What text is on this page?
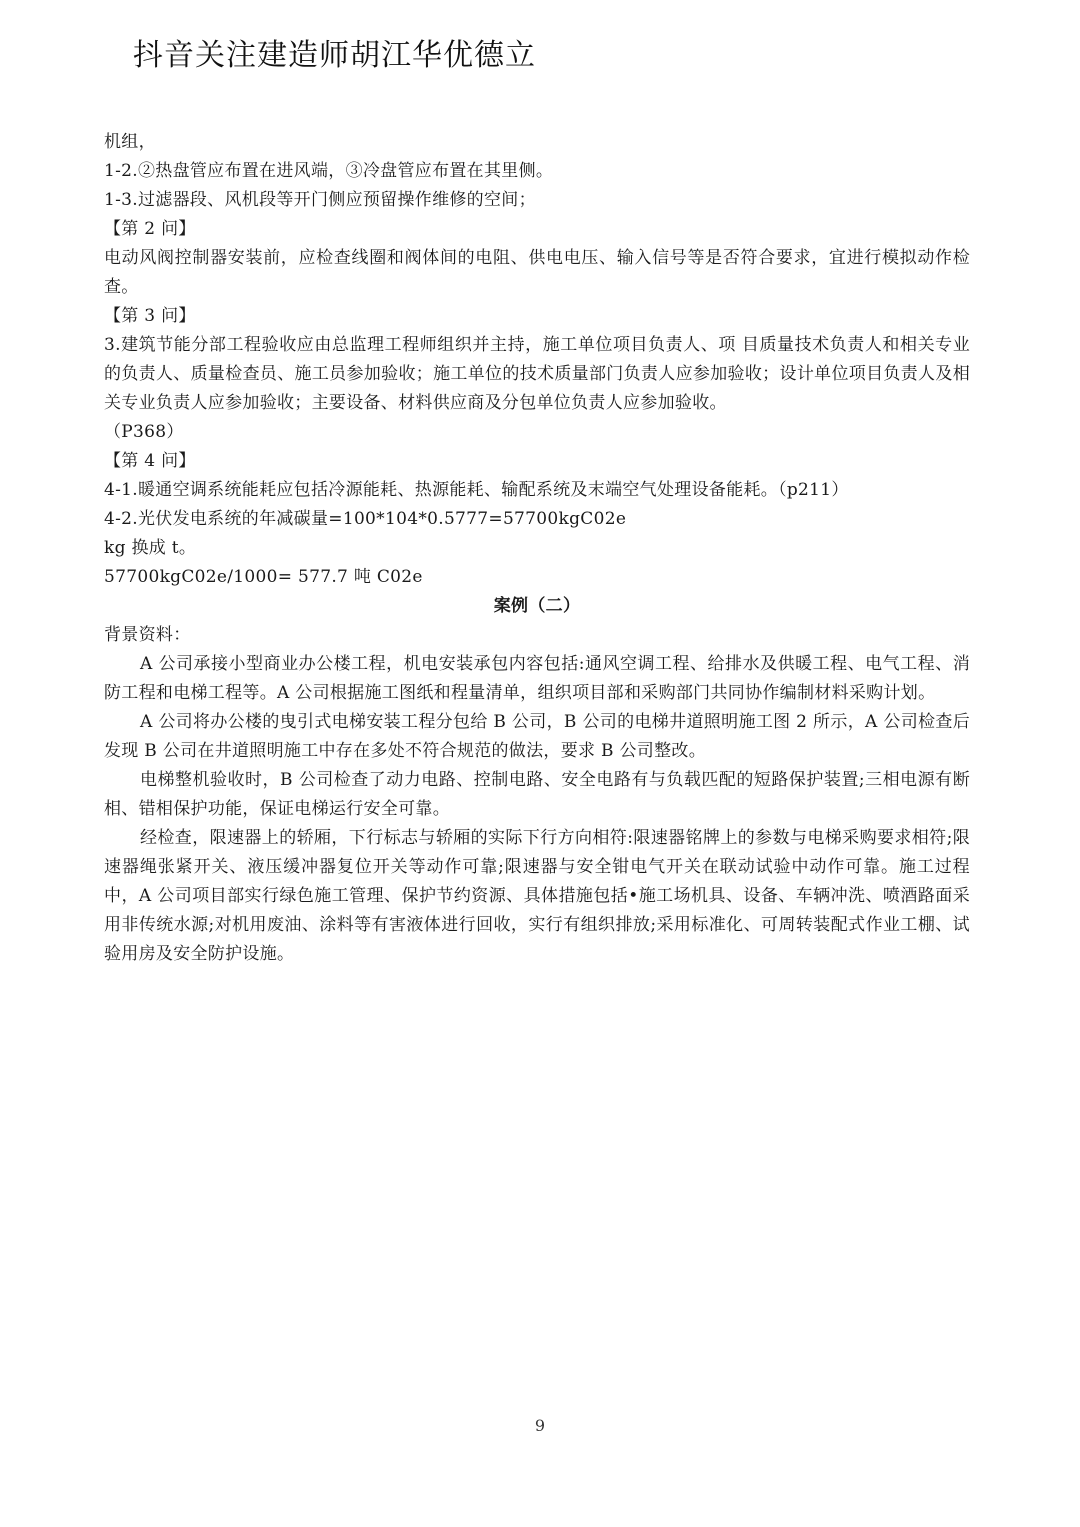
抖音关注建造师胡江华优德立
机组，
1-2.②热盘管应布置在进风端，③冷盘管应布置在其里侧。
1-3.过滤器段、风机段等开门侧应预留操作维修的空间；
【第 2 问】
电动风阀控制器安装前，应检查线圈和阀体间的电阻、供电电压、输入信号等是否符合要求，宜进行模拟动作检查。
【第 3 问】
3.建筑节能分部工程验收应由总监理工程师组织并主持，施工单位项目负责人、项 目质量技术负责人和相关专业的负责人、质量检查员、施工员参加验收；施工单位的技术质量部门负责人应参加验收；设计单位项目负责人及相关专业负责人应参加验收；主要设备、材料供应商及分包单位负责人应参加验收。
（P368）
【第 4 问】
4-1.暖通空调系统能耗应包括冷源能耗、热源能耗、输配系统及末端空气处理设备能耗。（p211）
4-2.光伏发电系统的年减碳量=100*104*0.5777=57700kgC02e
kg 换成 t。
57700kgC02e/1000= 577.7 吨 C02e
案例（二）
背景资料：
A 公司承接小型商业办公楼工程，机电安装承包内容包括:通风空调工程、给排水及供暖工程、电气工程、消防工程和电梯工程等。A 公司根据施工图纸和程量清单，组织项目部和采购部门共同协作编制材料采购计划。
A 公司将办公楼的曳引式电梯安装工程分包给 B 公司，B 公司的电梯井道照明施工图 2 所示，A 公司检查后发现 B 公司在井道照明施工中存在多处不符合规范的做法，要求 B 公司整改。
电梯整机验收时，B 公司检查了动力电路、控制电路、安全电路有与负载匹配的短路保护装置;三相电源有断相、错相保护功能，保证电梯运行安全可靠。
经检查，限速器上的轿厢，下行标志与轿厢的实际下行方向相符:限速器铭牌上的参数与电梯采购要求相符;限速器绳张紧开关、液压缓冲器复位开关等动作可靠;限速器与安全钳电气开关在联动试验中动作可靠。施工过程中，A 公司项目部实行绿色施工管理、保护节约资源、具体措施包括•施工场机具、设备、车辆冲洗、喷酒路面采用非传统水源;对机用废油、涂料等有害液体进行回收，实行有组织排放;采用标准化、可周转装配式作业工棚、试验用房及安全防护设施。
9
